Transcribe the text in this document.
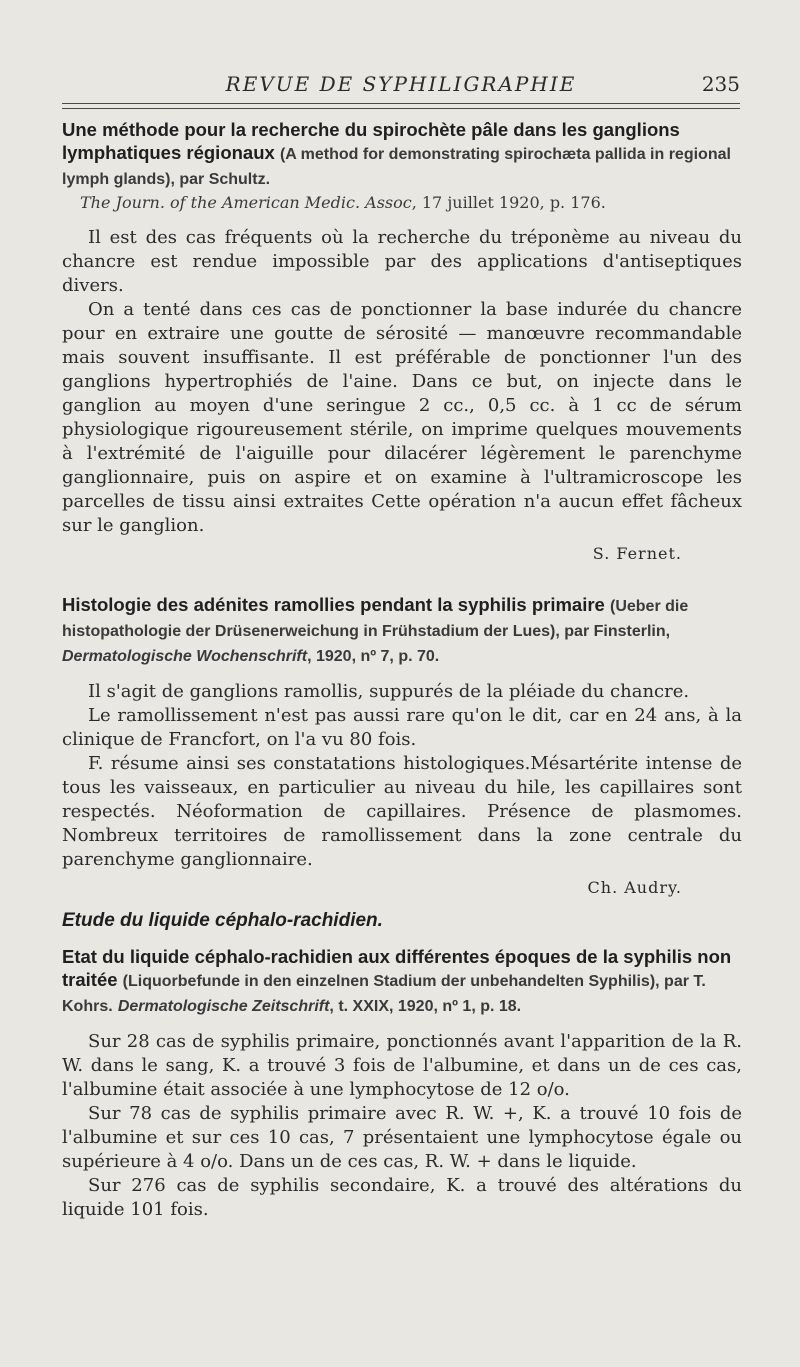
REVUE DE SYPHILIGRAPHIE	235
Une méthode pour la recherche du spirochète pâle dans les ganglions lymphatiques régionaux (A method for demonstrating spirochæta pallida in regional lymph glands), par Schultz.
The Journ. of the American Medic. Assoc, 17 juillet 1920, p. 176.

Il est des cas fréquents où la recherche du tréponème au niveau du chancre est rendue impossible par des applications d'antiseptiques divers.

On a tenté dans ces cas de ponctionner la base indurée du chancre pour en extraire une goutte de sérosité — manœuvre recommandable mais souvent insuffisante. Il est préférable de ponctionner l'un des ganglions hypertrophiés de l'aine. Dans ce but, on injecte dans le ganglion au moyen d'une seringue 2 cc., 0,5 cc. à 1 cc de sérum physiologique rigoureusement stérile, on imprime quelques mouvements à l'extrémité de l'aiguille pour dilacérer légèrement le parenchyme ganglionnaire, puis on aspire et on examine à l'ultramicroscope les parcelles de tissu ainsi extraites Cette opération n'a aucun effet fâcheux sur le ganglion.

S. Fernet.
Histologie des adénites ramollies pendant la syphilis primaire (Ueber die histopathologie der Drüsenerweichung in Frühstadium der Lues), par Finsterlin, Dermatologische Wochenschrift, 1920, nº 7, p. 70.

Il s'agit de ganglions ramollis, suppurés de la pléiade du chancre.

Le ramollissement n'est pas aussi rare qu'on le dit, car en 24 ans, à la clinique de Francfort, on l'a vu 80 fois.

F. résume ainsi ses constatations histologiques.Mésartérite intense de tous les vaisseaux, en particulier au niveau du hile, les capillaires sont respectés. Néoformation de capillaires. Présence de plasmomes. Nombreux territoires de ramollissement dans la zone centrale du parenchyme ganglionnaire.

Ch. Audry.
Etude du liquide céphalo-rachidien.
Etat du liquide céphalo-rachidien aux différentes époques de la syphilis non traitée (Liquorbefunde in den einzelnen Stadium der unbehandelten Syphilis), par T. Kohrs. Dermatologische Zeitschrift, t. XXIX, 1920, nº 1, p. 18.

Sur 28 cas de syphilis primaire, ponctionnés avant l'apparition de la R. W. dans le sang, K. a trouvé 3 fois de l'albumine, et dans un de ces cas, l'albumine était associée à une lymphocytose de 12 o/o.

Sur 78 cas de syphilis primaire avec R. W. +, K. a trouvé 10 fois de l'albumine et sur ces 10 cas, 7 présentaient une lymphocytose égale ou supérieure à 4 o/o. Dans un de ces cas, R. W. + dans le liquide.

Sur 276 cas de syphilis secondaire, K. a trouvé des altérations du liquide 101 fois.
